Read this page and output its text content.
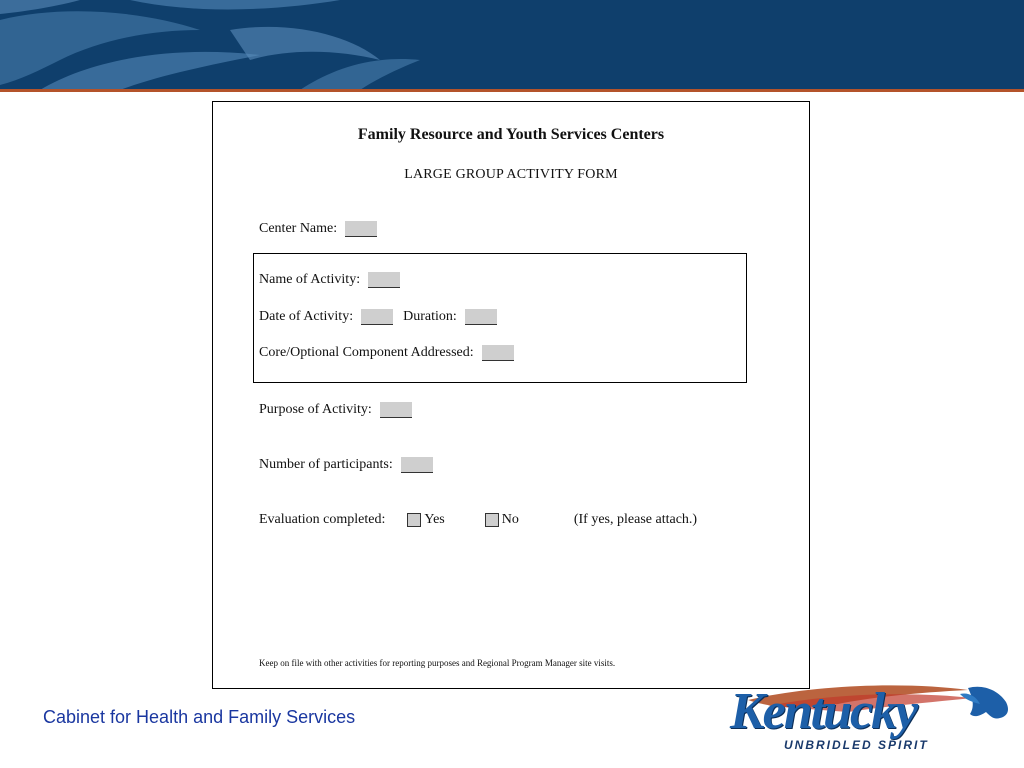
Family Resource and Youth Services Centers
LARGE GROUP ACTIVITY FORM
Center Name:
Name of Activity:
Date of Activity:	Duration:
Core/Optional Component Addressed:
Purpose of Activity:
Number of participants:
Evaluation completed:	Yes	No	(If yes, please attach.)
Keep on file with other activities for reporting purposes and Regional Program Manager site visits.
Cabinet for Health and Family Services	Kentucky
UNBRIDLED SPIRIT
